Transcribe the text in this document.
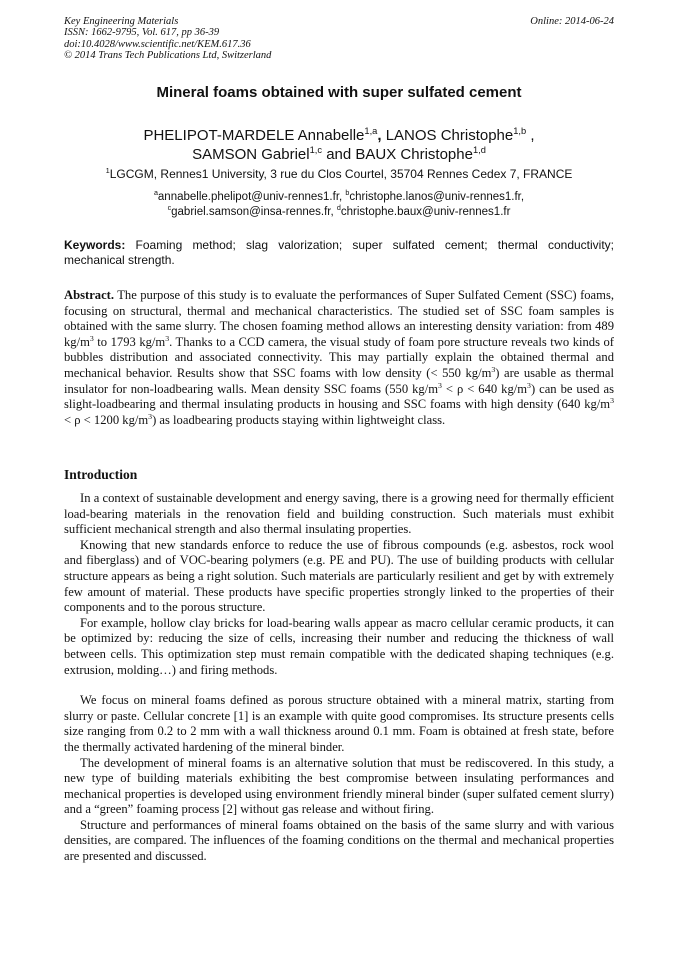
Key Engineering Materials
ISSN: 1662-9795, Vol. 617, pp 36-39
doi:10.4028/www.scientific.net/KEM.617.36
© 2014 Trans Tech Publications Ltd, Switzerland
Online: 2014-06-24
Mineral foams obtained with super sulfated cement
PHELIPOT-MARDELE Annabelle$^{1,a}$, LANOS Christophe$^{1,b}$ ,
SAMSON Gabriel$^{1,c}$ and BAUX Christophe$^{1,d}$
$^1$LGCGM, Rennes1 University, 3 rue du Clos Courtel, 35704 Rennes Cedex 7, FRANCE
$^a$annabelle.phelipot@univ-rennes1.fr, $^b$christophe.lanos@univ-rennes1.fr,
$^c$gabriel.samson@insa-rennes.fr, $^d$christophe.baux@univ-rennes1.fr
Keywords: Foaming method; slag valorization; super sulfated cement; thermal conductivity; mechanical strength.
Abstract. The purpose of this study is to evaluate the performances of Super Sulfated Cement (SSC) foams, focusing on structural, thermal and mechanical characteristics. The studied set of SSC foam samples is obtained with the same slurry. The chosen foaming method allows an interesting density variation: from 489 $kg/m^3$ to 1793 $kg/m^3$. Thanks to a CCD camera, the visual study of foam pore structure reveals two kinds of bubbles distribution and associated connectivity. This may partially explain the obtained thermal and mechanical behavior. Results show that SSC foams with low density (< 550 $kg/m^3$) are usable as thermal insulator for non-loadbearing walls. Mean density SSC foams (550 $kg/m^3 < \rho < 640$ $kg/m^3$) can be used as slight-loadbearing and thermal insulating products in housing and SSC foams with high density (640 $kg/m^3 < \rho < 1200$ $kg/m^3$) as loadbearing products staying within lightweight class.
Introduction

In a context of sustainable development and energy saving, there is a growing need for thermally efficient load-bearing materials in the renovation field and building construction. Such materials must exhibit sufficient mechanical strength and also thermal insulating properties.

Knowing that new standards enforce to reduce the use of fibrous compounds (e.g. asbestos, rock wool and fiberglass) and of VOC-bearing polymers (e.g. PE and PU). The use of building products with cellular structure appears as being a right solution. Such materials are particularly resilient and get by with extremely few amount of material. These products have specific properties strongly linked to the properties of their components and to the porous structure.

For example, hollow clay bricks for load-bearing walls appear as macro cellular ceramic products, it can be optimized by: reducing the size of cells, increasing their number and reducing the thickness of wall between cells. This optimization step must remain compatible with the dedicated shaping techniques (e.g. extrusion, molding…) and firing methods.

We focus on mineral foams defined as porous structure obtained with a mineral matrix, starting from slurry or paste. Cellular concrete [1] is an example with quite good compromises. Its structure presents cells size ranging from 0.2 to 2 mm with a wall thickness around 0.1 mm. Foam is obtained at fresh state, before the thermally activated hardening of the mineral binder.

The development of mineral foams is an alternative solution that must be rediscovered. In this study, a new type of building materials exhibiting the best compromise between insulating performances and mechanical properties is developed using environment friendly mineral binder (super sulfated cement slurry) and a “green” foaming process [2] without gas release and without firing.

Structure and performances of mineral foams obtained on the basis of the same slurry and with various densities, are compared. The influences of the foaming conditions on the thermal and mechanical properties are presented and discussed.
